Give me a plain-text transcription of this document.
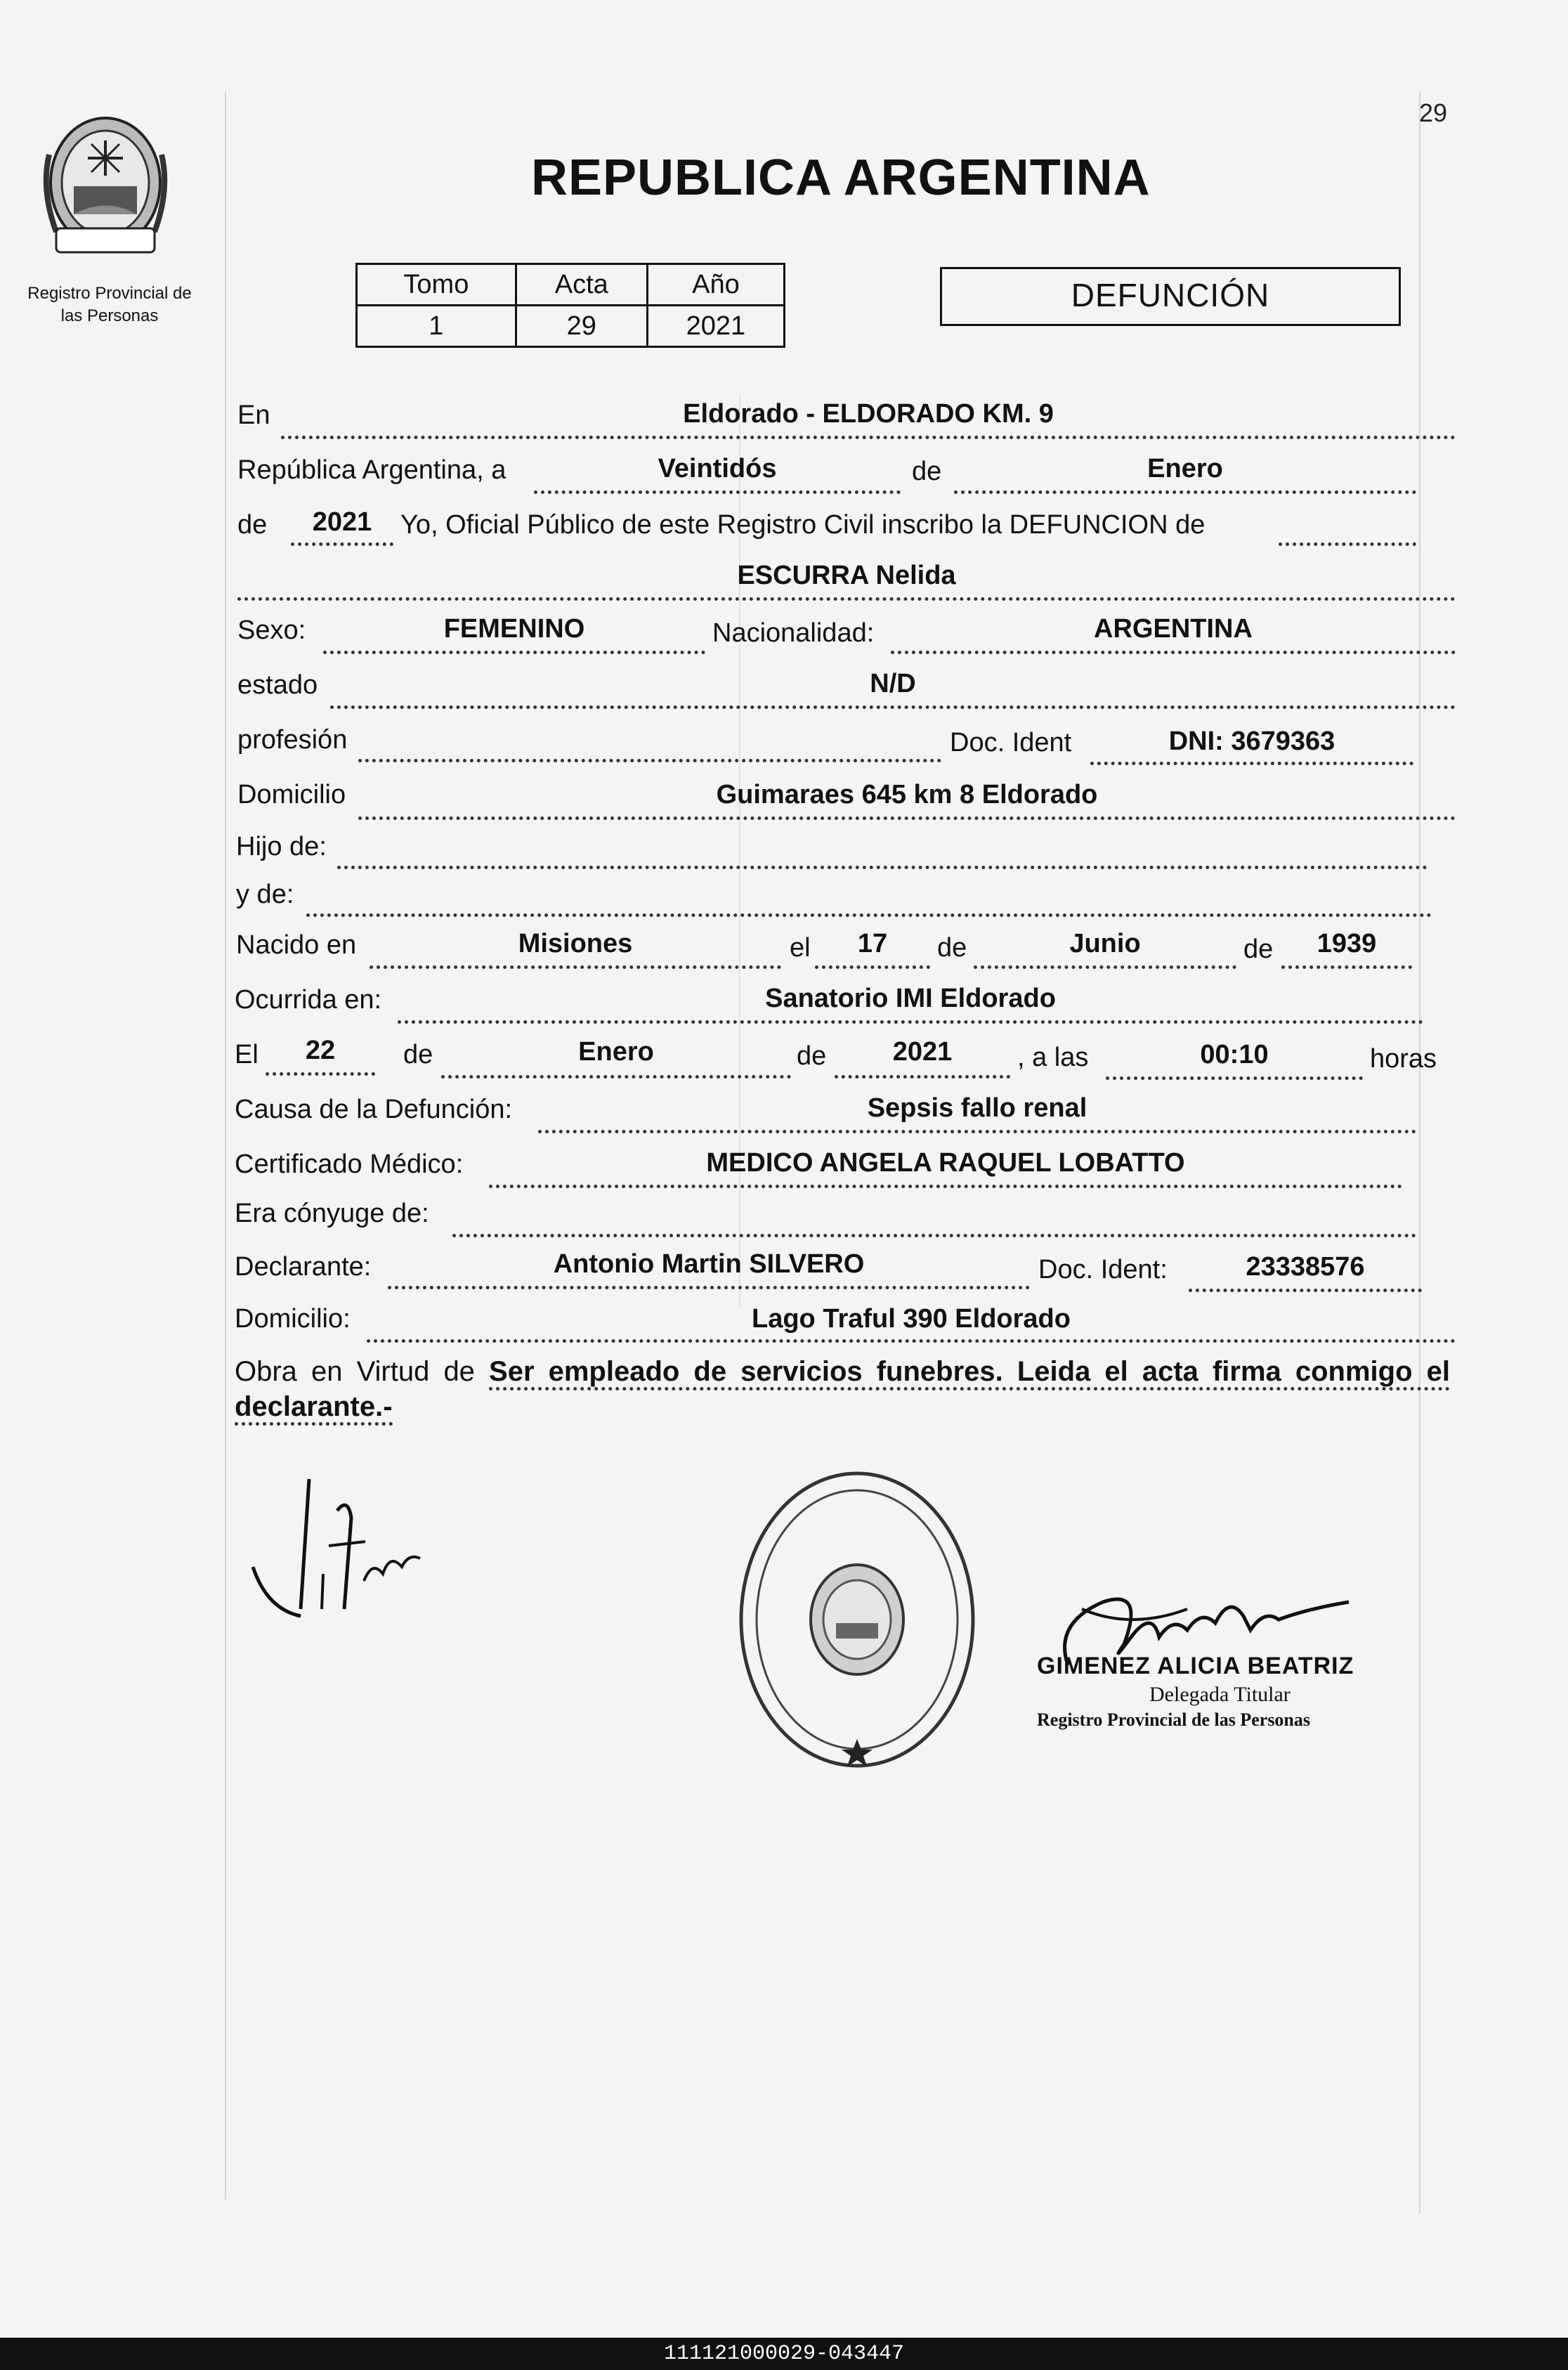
29
Registro Provincial de
las Personas
REPUBLICA ARGENTINA
Tomo	Acta	Año
1	29	2021
DEFUNCIÓN
En	Eldorado - ELDORADO KM. 9
República Argentina, a	Veintidós	de	Enero
de	2021	Yo, Oficial Público de este Registro Civil inscribo la DEFUNCION de
ESCURRA Nelida
Sexo:	FEMENINO	Nacionalidad:	ARGENTINA
estado	N/D
profesión	Doc. Ident	DNI: 3679363
Domicilio	Guimaraes 645 km 8 Eldorado
Hijo de:
y de:
Nacido en	Misiones	el	17	de	Junio	de	1939
Ocurrida en:	Sanatorio IMI Eldorado
El	22	de	Enero	de	2021	, a las	00:10	horas
Causa de la Defunción:	Sepsis fallo renal
Certificado Médico:	MEDICO ANGELA RAQUEL LOBATTO
Era cónyuge de:
Declarante:	Antonio Martin SILVERO	Doc. Ident:	23338576
Domicilio:	Lago Traful 390 Eldorado
Obra en Virtud de Ser empleado de servicios funebres. Leida el acta firma conmigo el
declarante.-
GIMENEZ ALICIA BEATRIZ
Delegada Titular
Registro Provincial de las Personas
111121000029-043447
